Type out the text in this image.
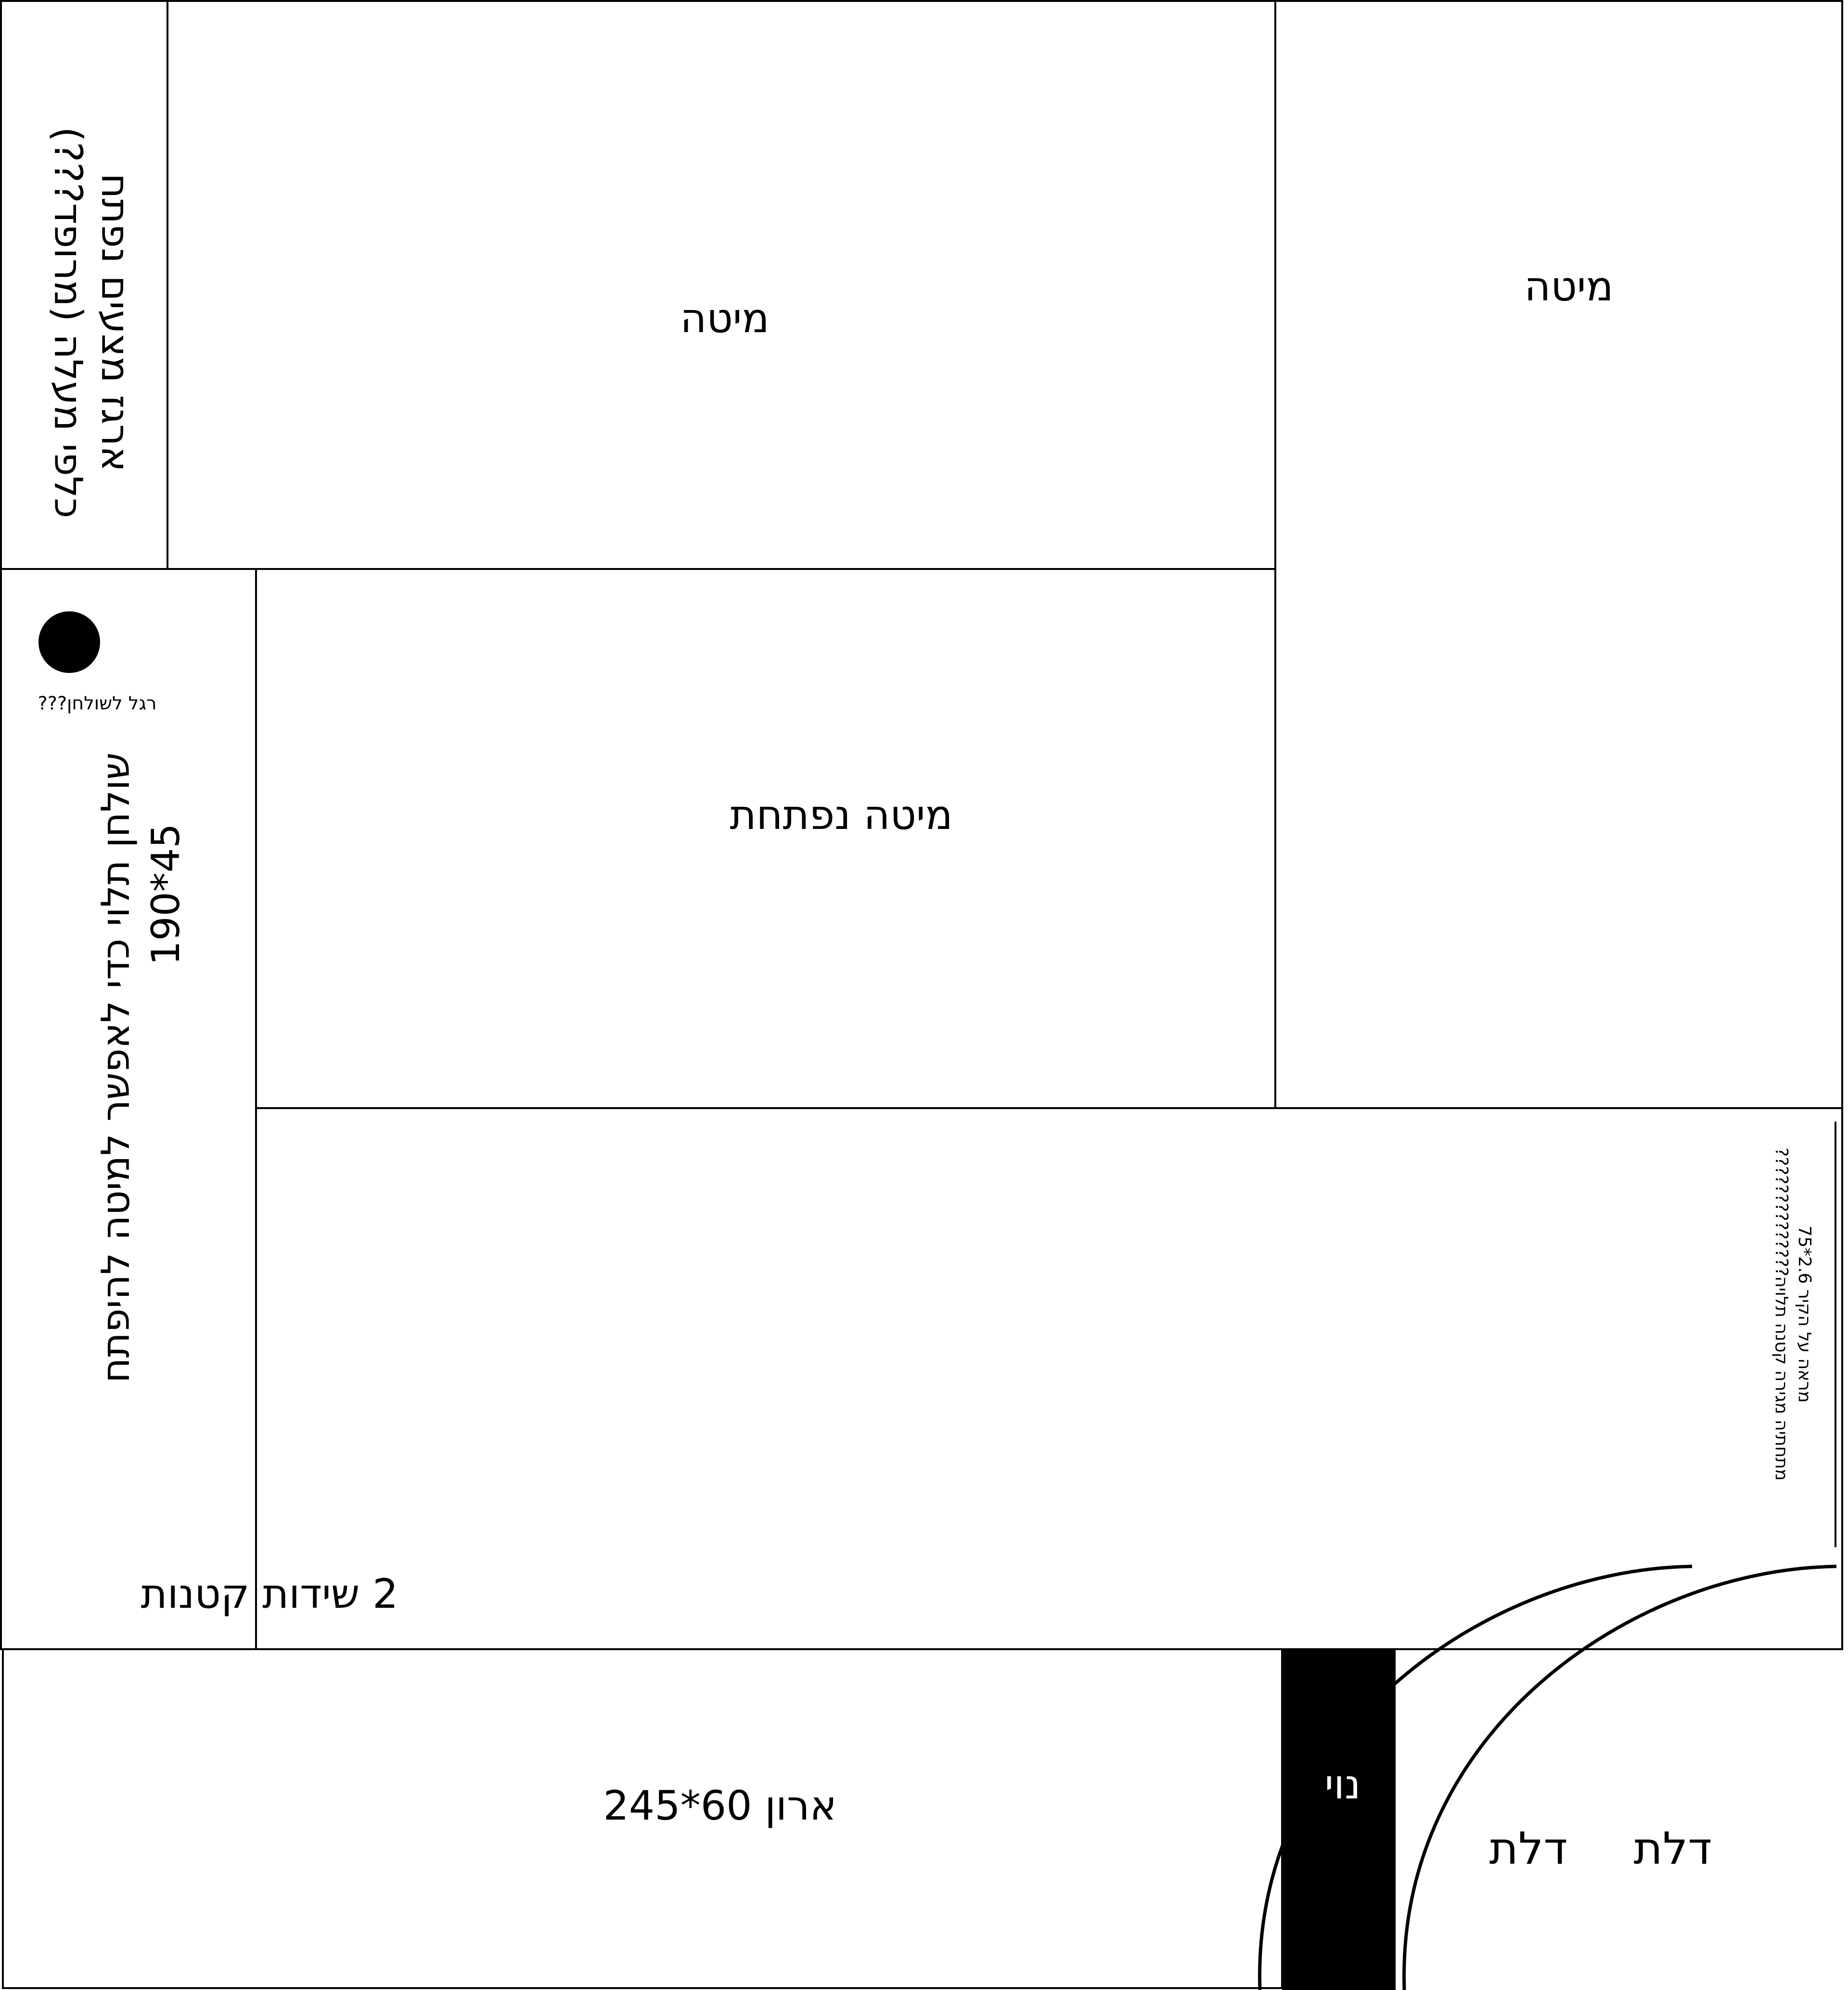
מיטה
מיטה
מיטה נפתחת
ארגז מצעים נפתח
כלפי מעלה (מרופד???)
רגל לשולחן???
שולחן תלוי כדי לאפשר למיטה להיפתח 190*45
2 שידות קטנות
ארון 60*245	נוי
דלת דלת
מראה על הקיר 2.6*75
מתחתיה מגירה קטנה תלויה??????????????
